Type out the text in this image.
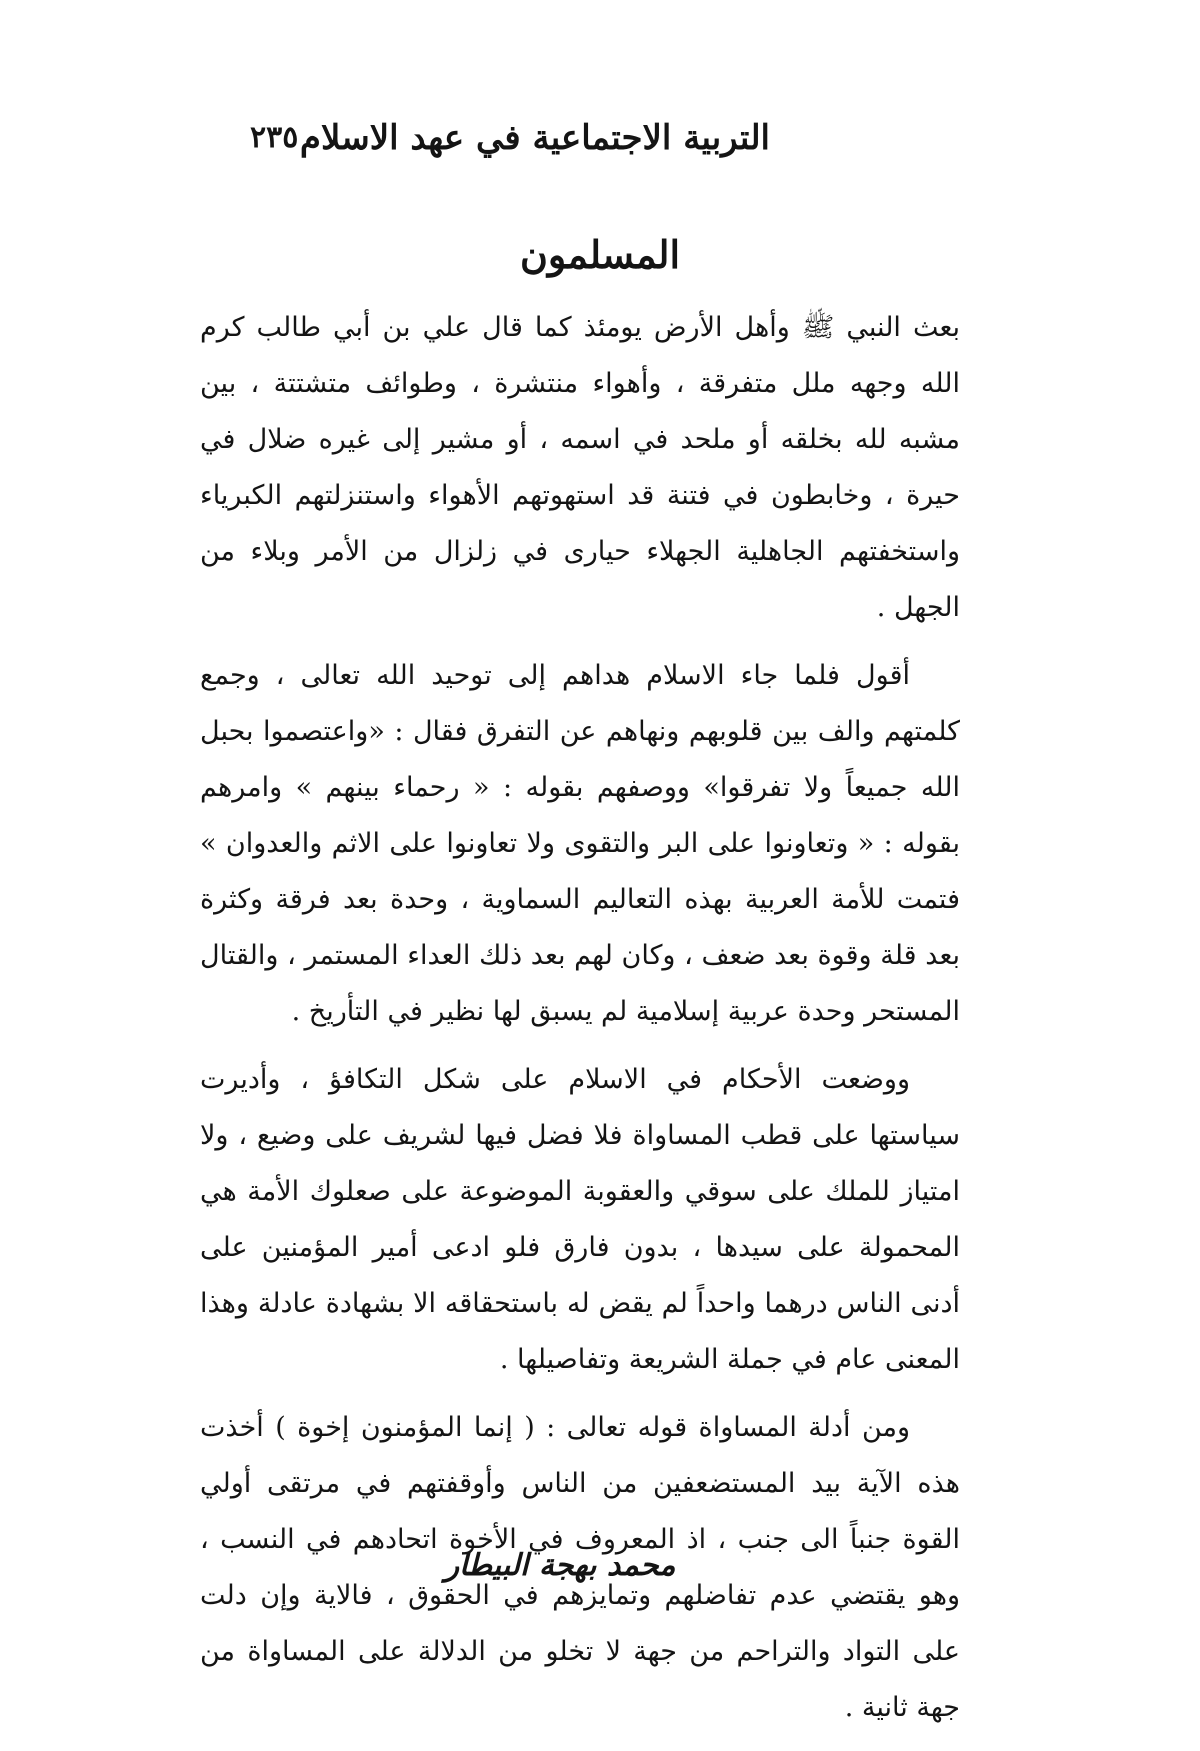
التربية الاجتماعية في عهد الاسلام
٢٣٥
المسلمون

بعث النبي ﷺ وأهل الأرض يومئذ كما قال علي بن أبي طالب كرم الله وجهه ملل متفرقة ، وأهواء منتشرة ، وطوائف متشتتة ، بين مشبه لله بخلقه أو ملحد في اسمه ، أو مشير إلى غيره ضلال في حيرة ، وخابطون في فتنة قد استهوتهم الأهواء واستنزلتهم الكبرياء واستخفتهم الجاهلية الجهلاء حيارى في زلزال من الأمر وبلاء من الجهل .

أقول فلما جاء الاسلام هداهم إلى توحيد الله تعالى ، وجمع كلمتهم والف بين قلوبهم ونهاهم عن التفرق فقال : «واعتصموا بحبل الله جميعاً ولا تفرقوا» ووصفهم بقوله : « رحماء بينهم » وامرهم بقوله : « وتعاونوا على البر والتقوى ولا تعاونوا على الاثم والعدوان » فتمت للأمة العربية بهذه التعاليم السماوية ، وحدة بعد فرقة وكثرة بعد قلة وقوة بعد ضعف ، وكان لهم بعد ذلك العداء المستمر ، والقتال المستحر وحدة عربية إسلامية لم يسبق لها نظير في التأريخ .

ووضعت الأحكام في الاسلام على شكل التكافؤ ، وأديرت سياستها على قطب المساواة فلا فضل فيها لشريف على وضيع ، ولا امتياز للملك على سوقي والعقوبة الموضوعة على صعلوك الأمة هي المحمولة على سيدها ، بدون فارق فلو ادعى أمير المؤمنين على أدنى الناس درهما واحداً لم يقض له باستحقاقه الا بشهادة عادلة وهذا المعنى عام في جملة الشريعة وتفاصيلها .

ومن أدلة المساواة قوله تعالى : ( إنما المؤمنون إخوة ) أخذت هذه الآية بيد المستضعفين من الناس وأوقفتهم في مرتقى أولي القوة جنباً الى جنب ، اذ المعروف في الأخوة اتحادهم في النسب ، وهو يقتضي عدم تفاضلهم وتمايزهم في الحقوق ، فالاية وإن دلت على التواد والتراحم من جهة لا تخلو من الدلالة على المساواة من جهة ثانية .

محمد بهجة البيطار
